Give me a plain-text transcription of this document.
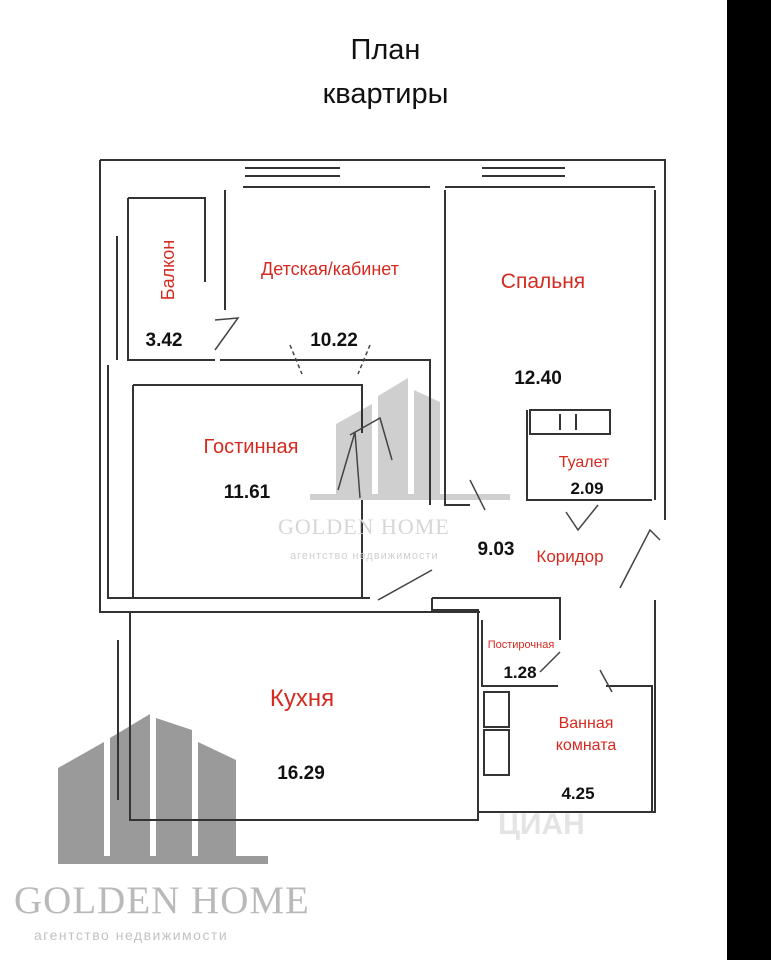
План
квартиры
Балкон
3.42
Детская/кабинет
10.22
Спальня
12.40
Гостинная
11.61
Туалет
2.09
9.03 Коридор
Постирочная
1.28
Кухня
16.29
Ванная
комната
4.25
GOLDEN HOME
агентство недвижимости
ЦИАН
GOLDEN HOME
агентство недвижимости
